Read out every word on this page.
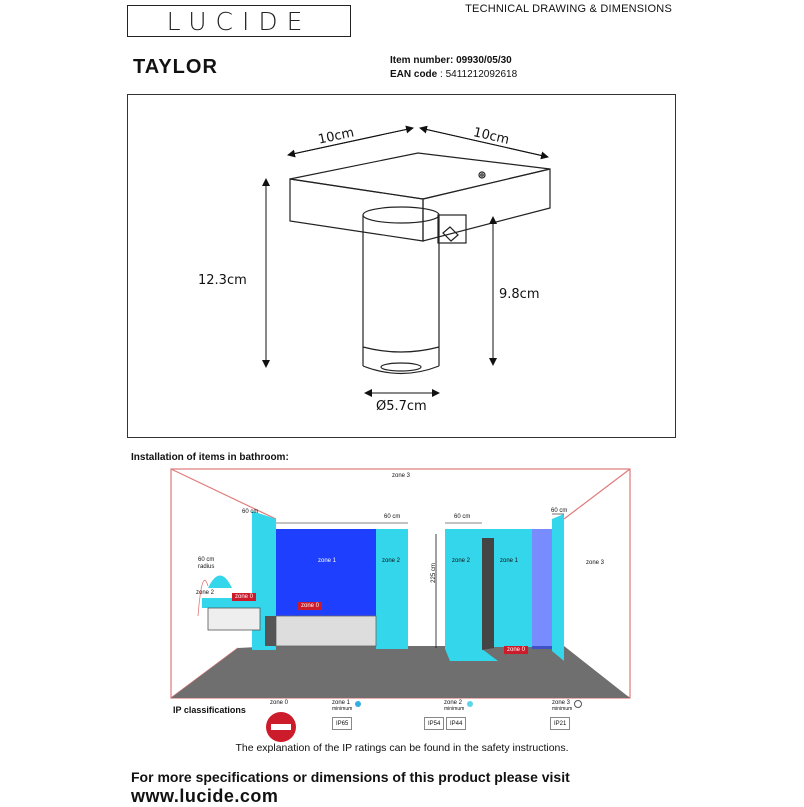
LUCIDE	TECHNICAL DRAWING & DIMENSIONS
TAYLOR	Item number: 09930/05/30
EAN code : 5411212092618
10cm	10cm
12.3cm
9.8cm
Ø5.7cm
Installation of items in bathroom:
zone 3
zone 3
zone 1	zone 1
zone 2	zone 2
zone 2
zone 0
zone 0
zone 0
60 cm
60 cm	60 cm
60 cm
60 cm
radius	225 cm
IP classifications
zone 0	zone 1
minimum
IP65
zone 2
minimum
IP54	IP44
zone 3
minimum
IP21
The explanation of the IP ratings can be found in the safety instructions.
For more specifications or dimensions of this product please visit
www.lucide.com
